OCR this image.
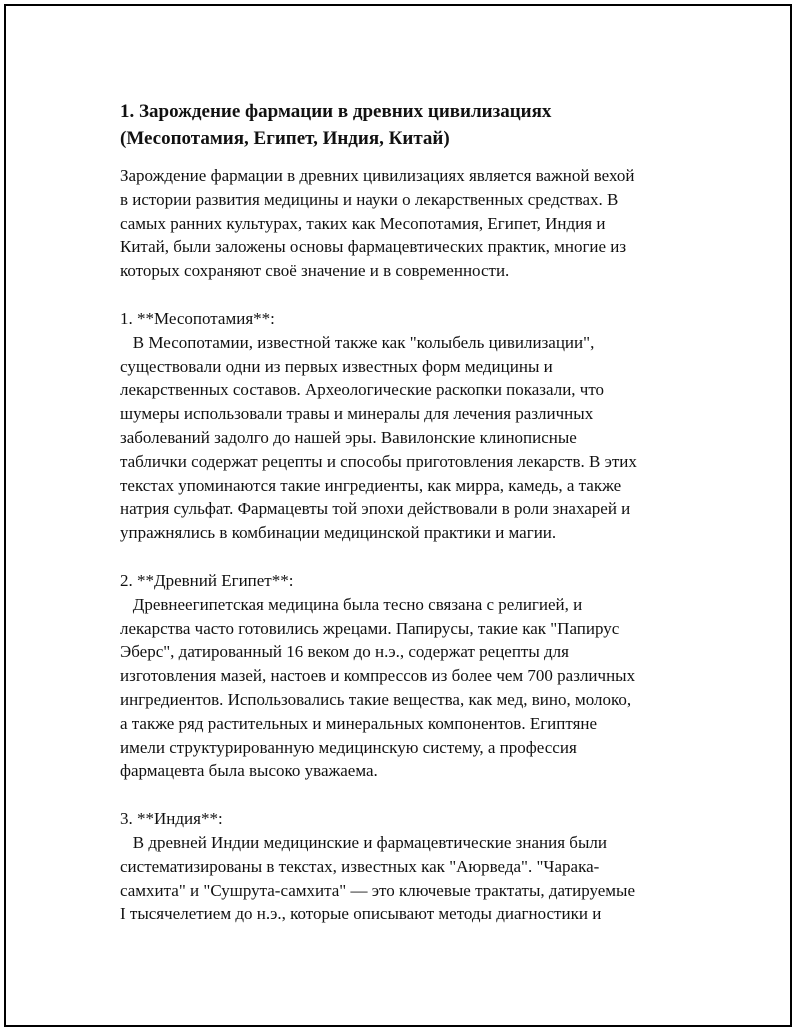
1. Зарождение фармации в древних цивилизациях
(Месопотамия, Египет, Индия, Китай)
Зарождение фармации в древних цивилизациях является важной вехой
в истории развития медицины и науки о лекарственных средствах. В
самых ранних культурах, таких как Месопотамия, Египет, Индия и
Китай, были заложены основы фармацевтических практик, многие из
которых сохраняют своё значение и в современности.
1. **Месопотамия**:
В Месопотамии, известной также как "колыбель цивилизации",
существовали одни из первых известных форм медицины и
лекарственных составов. Археологические раскопки показали, что
шумеры использовали травы и минералы для лечения различных
заболеваний задолго до нашей эры. Вавилонские клинописные
таблички содержат рецепты и способы приготовления лекарств. В этих
текстах упоминаются такие ингредиенты, как мирра, камедь, а также
натрия сульфат. Фармацевты той эпохи действовали в роли знахарей и
упражнялись в комбинации медицинской практики и магии.
2. **Древний Египет**:
Древнеегипетская медицина была тесно связана с религией, и
лекарства часто готовились жрецами. Папирусы, такие как "Папирус
Эберс", датированный 16 веком до н.э., содержат рецепты для
изготовления мазей, настоев и компрессов из более чем 700 различных
ингредиентов. Использовались такие вещества, как мед, вино, молоко,
а также ряд растительных и минеральных компонентов. Египтяне
имели структурированную медицинскую систему, а профессия
фармацевта была высоко уважаема.
3. **Индия**:
В древней Индии медицинские и фармацевтические знания были
систематизированы в текстах, известных как "Аюрведа". "Чарака-
самхита" и "Сушрута-самхита" — это ключевые трактаты, датируемые
I тысячелетием до н.э., которые описывают методы диагностики и
